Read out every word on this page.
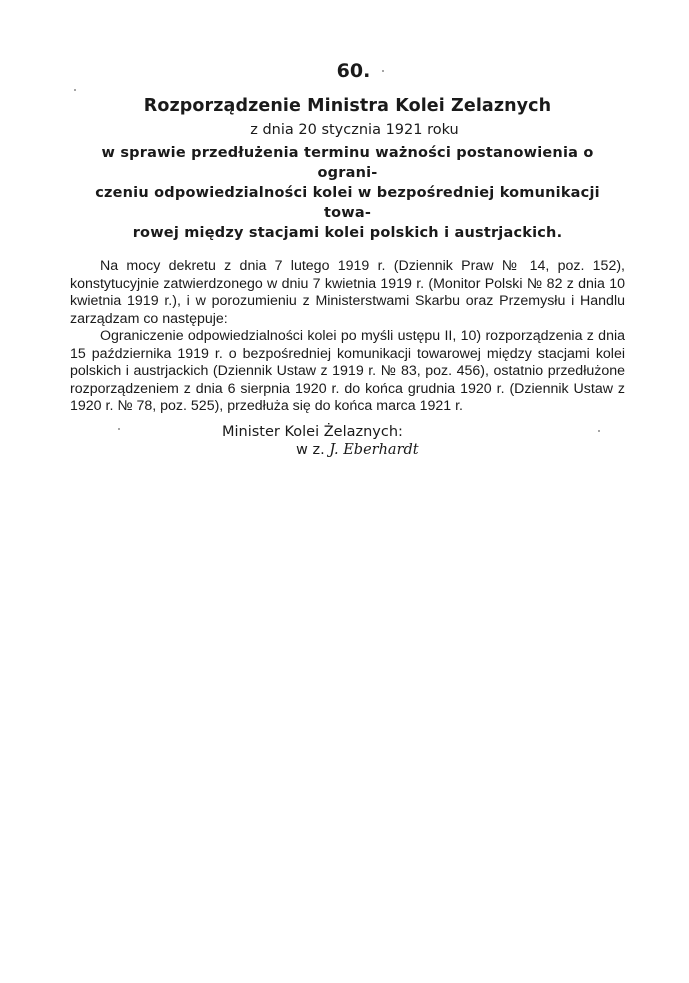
60.
Rozporządzenie Ministra Kolei Zelaznych
z dnia 20 stycznia 1921 roku
w sprawie przedłużenia terminu ważności postanowienia o ograni-
czeniu odpowiedzialności kolei w bezpośredniej komunikacji towa-
rowej między stacjami kolei polskich i austrjackich.

Na mocy dekretu z dnia 7 lutego 1919 r. (Dziennik Praw № 14, poz. 152), konstytucyjnie zatwierdzonego w dniu 7 kwietnia 1919 r. (Monitor Polski № 82 z dnia 10 kwietnia 1919 r.), i w porozumieniu z Ministerstwami Skarbu oraz Przemysłu i Handlu zarządzam co następuje:

Ograniczenie odpowiedzialności kolei po myśli ustępu II, 10) rozporządzenia z dnia 15 października 1919 r. o bezpośredniej komunikacji towarowej między stacjami kolei polskich i austrjackich (Dziennik Ustaw z 1919 r. № 83, poz. 456), ostatnio przedłużone rozporządzeniem z dnia 6 sierpnia 1920 r. do końca grudnia 1920 r. (Dziennik Ustaw z 1920 r. № 78, poz. 525), przedłuża się do końca marca 1921 r.

Minister Kolei Żelaznych:
w z. J. Eberhardt
